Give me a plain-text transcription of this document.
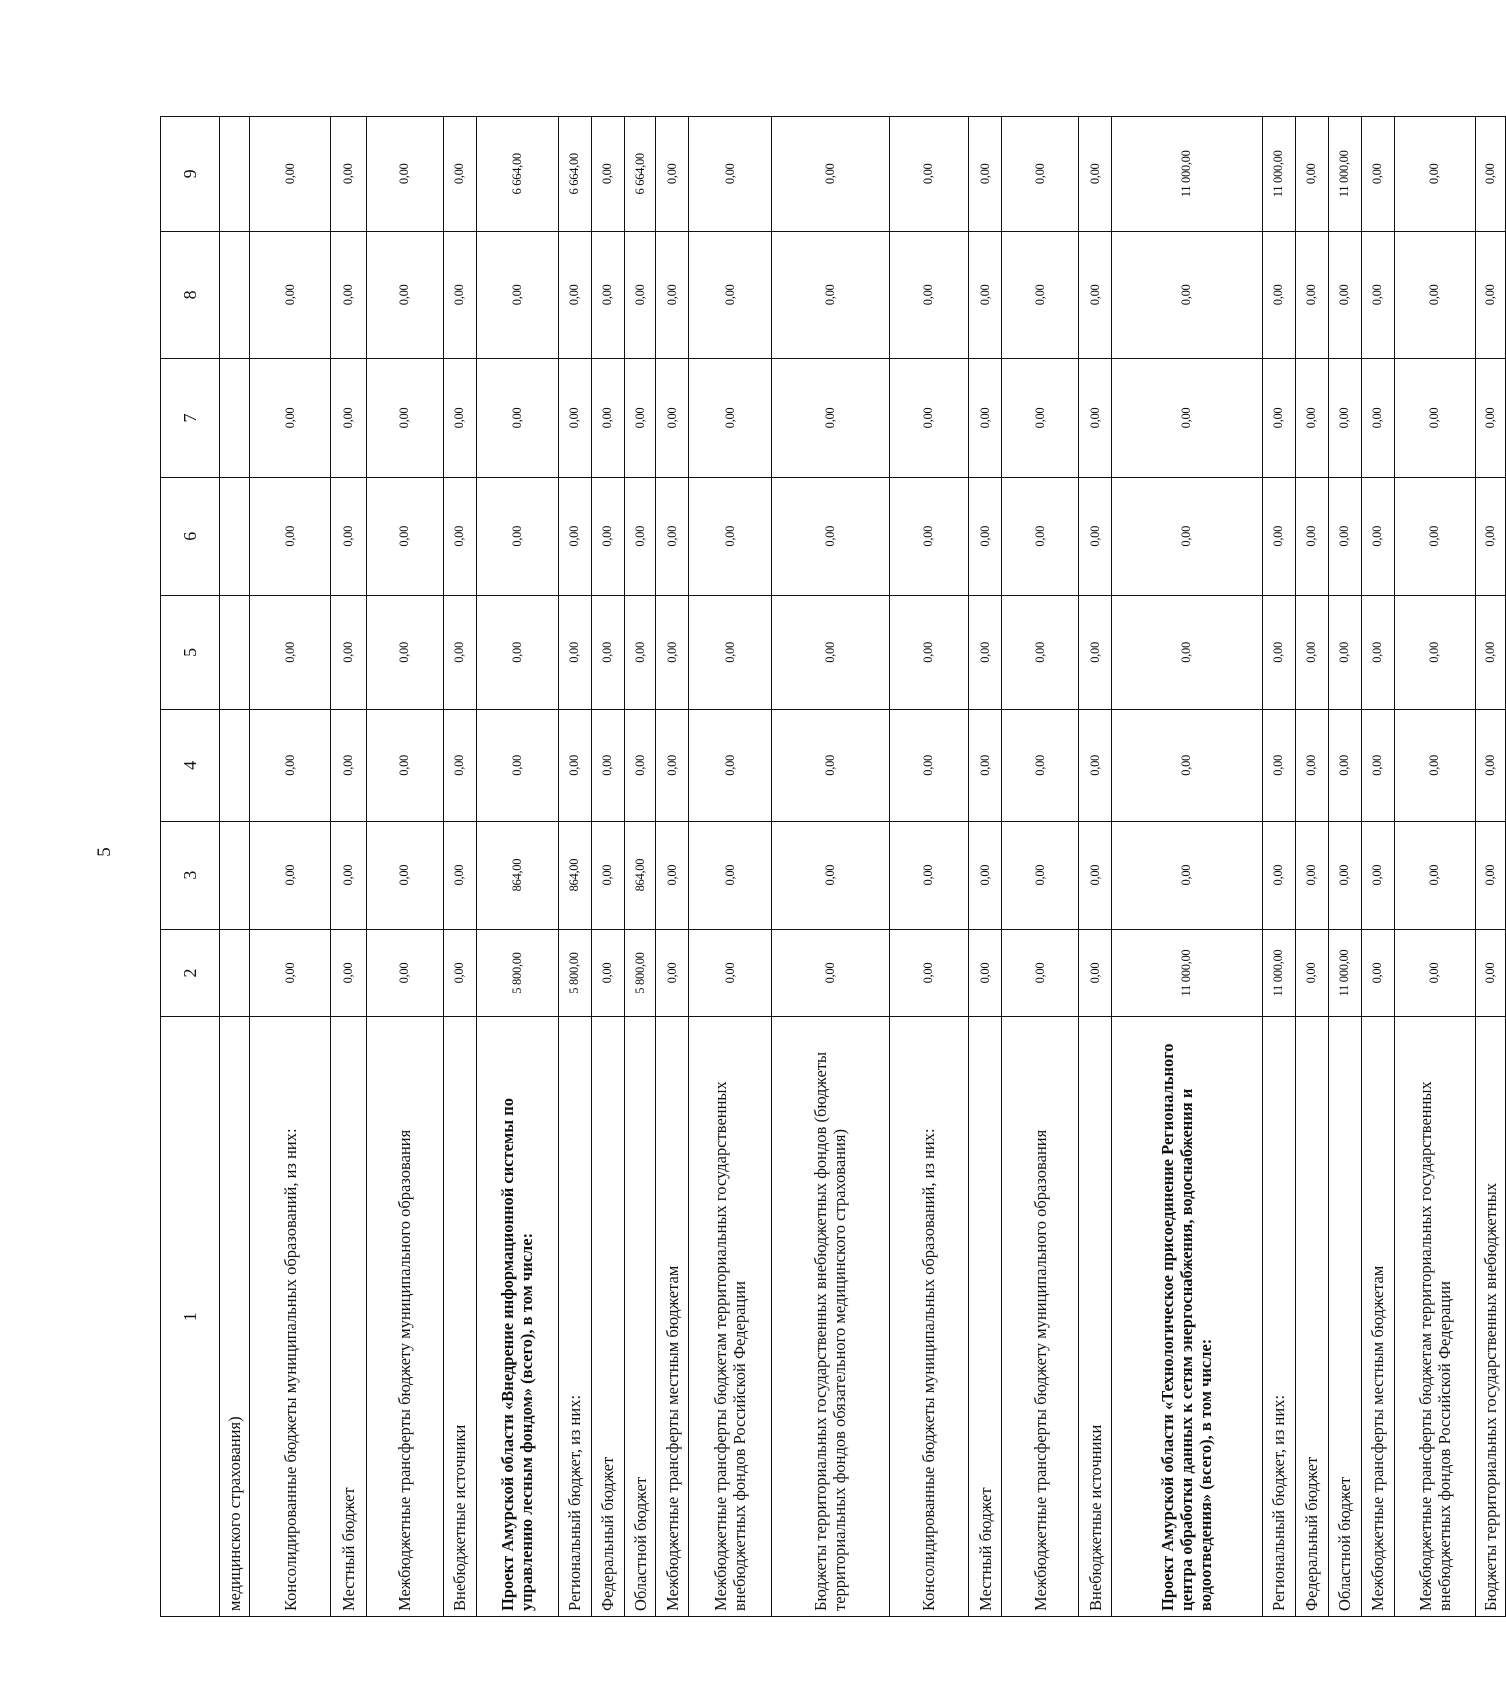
5
1	2	3	4	5	6	7	8	9
медицинского страхования)								
Консолидированные бюджеты муниципальных образований, из них:	0,00	0,00	0,00	0,00	0,00	0,00	0,00	0,00
Местный бюджет	0,00	0,00	0,00	0,00	0,00	0,00	0,00	0,00
Межбюджетные трансферты бюджету муниципального образования	0,00	0,00	0,00	0,00	0,00	0,00	0,00	0,00
Внебюджетные источники	0,00	0,00	0,00	0,00	0,00	0,00	0,00	0,00
Проект Амурской области «Внедрение информационной системы по управлению лесным фондом» (всего), в том числе:	5 800,00	864,00	0,00	0,00	0,00	0,00	0,00	6 664,00
Региональный бюджет, из них:	5 800,00	864,00	0,00	0,00	0,00	0,00	0,00	6 664,00
Федеральный бюджет	0,00	0,00	0,00	0,00	0,00	0,00	0,00	0,00
Областной бюджет	5 800,00	864,00	0,00	0,00	0,00	0,00	0,00	6 664,00
Межбюджетные трансферты местным бюджетам	0,00	0,00	0,00	0,00	0,00	0,00	0,00	0,00
Межбюджетные трансферты бюджетам территориальных государственных внебюджетных фондов Российской Федерации	0,00	0,00	0,00	0,00	0,00	0,00	0,00	0,00
Бюджеты территориальных государственных внебюджетных фондов (бюджеты территориальных фондов обязательного медицинского страхования)	0,00	0,00	0,00	0,00	0,00	0,00	0,00	0,00
Консолидированные бюджеты муниципальных образований, из них:	0,00	0,00	0,00	0,00	0,00	0,00	0,00	0,00
Местный бюджет	0,00	0,00	0,00	0,00	0,00	0,00	0,00	0,00
Межбюджетные трансферты бюджету муниципального образования	0,00	0,00	0,00	0,00	0,00	0,00	0,00	0,00
Внебюджетные источники	0,00	0,00	0,00	0,00	0,00	0,00	0,00	0,00
Проект Амурской области «Технологическое присоединение Регионального центра обработки данных к сетям энергоснабжения, водоснабжения и водоотведения» (всего), в том числе:	11 000,00	0,00	0,00	0,00	0,00	0,00	0,00	11 000,00
Региональный бюджет, из них:	11 000,00	0,00	0,00	0,00	0,00	0,00	0,00	11 000,00
Федеральный бюджет	0,00	0,00	0,00	0,00	0,00	0,00	0,00	0,00
Областной бюджет	11 000,00	0,00	0,00	0,00	0,00	0,00	0,00	11 000,00
Межбюджетные трансферты местным бюджетам	0,00	0,00	0,00	0,00	0,00	0,00	0,00	0,00
Межбюджетные трансферты бюджетам территориальных государственных внебюджетных фондов Российской Федерации	0,00	0,00	0,00	0,00	0,00	0,00	0,00	0,00
Бюджеты территориальных государственных внебюджетных	0,00	0,00	0,00	0,00	0,00	0,00	0,00	0,00
